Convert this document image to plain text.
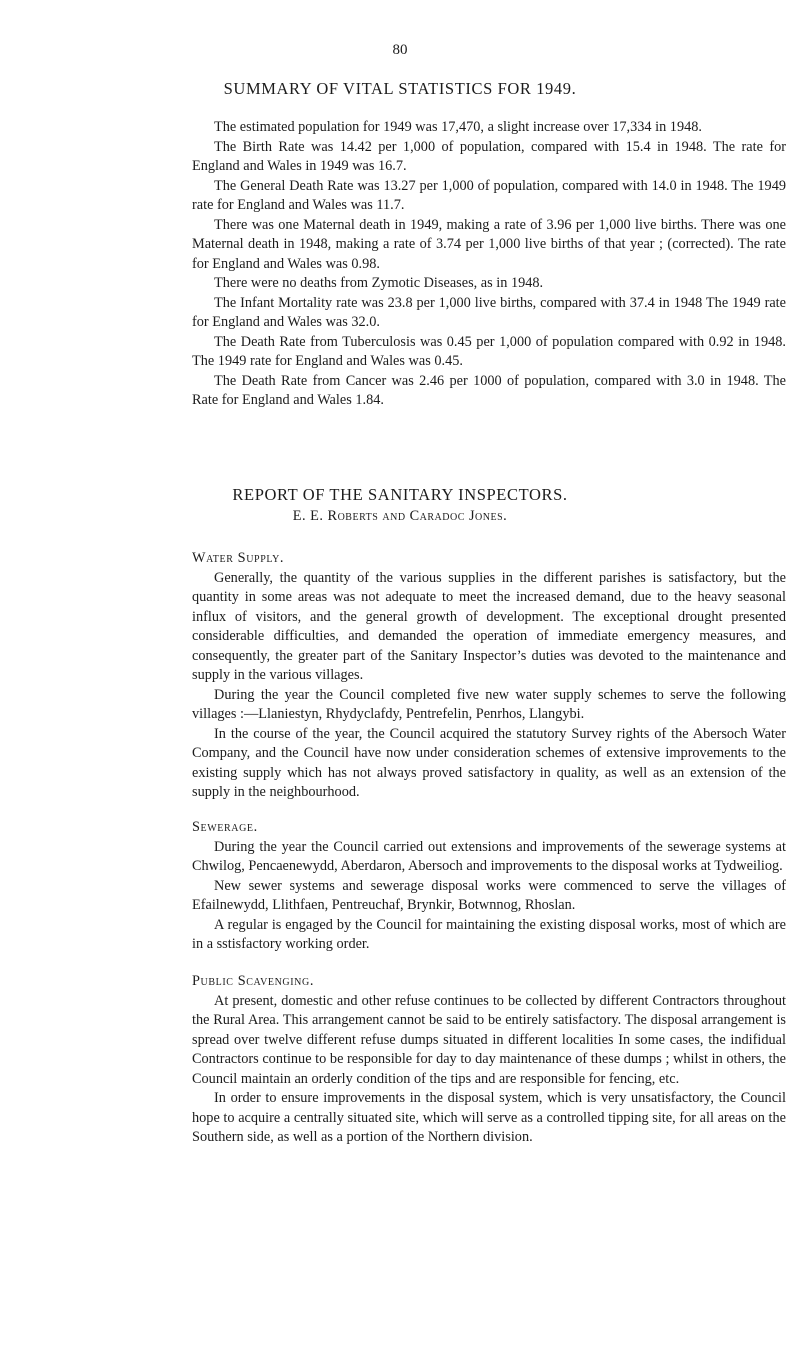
80
SUMMARY OF VITAL STATISTICS FOR 1949.

The estimated population for 1949 was 17,470, a slight increase over 17,334 in 1948.

The Birth Rate was 14.42 per 1,000 of population, compared with 15.4 in 1948. The rate for England and Wales in 1949 was 16.7.

The General Death Rate was 13.27 per 1,000 of population, compared with 14.0 in 1948. The 1949 rate for England and Wales was 11.7.

There was one Maternal death in 1949, making a rate of 3.96 per 1,000 live births. There was one Maternal death in 1948, making a rate of 3.74 per 1,000 live births of that year ; (corrected). The rate for England and Wales was 0.98.

There were no deaths from Zymotic Diseases, as in 1948.

The Infant Mortality rate was 23.8 per 1,000 live births, compared with 37.4 in 1948 The 1949 rate for England and Wales was 32.0.

The Death Rate from Tuberculosis was 0.45 per 1,000 of population compared with 0.92 in 1948. The 1949 rate for England and Wales was 0.45.

The Death Rate from Cancer was 2.46 per 1000 of population, compared with 3.0 in 1948. The Rate for England and Wales 1.84.

REPORT OF THE SANITARY INSPECTORS.
E. E. Roberts and Caradoc Jones.

Water Supply.

Generally, the quantity of the various supplies in the different parishes is satisfactory, but the quantity in some areas was not adequate to meet the increased demand, due to the heavy seasonal influx of visitors, and the general growth of development. The exceptional drought presented considerable difficulties, and demanded the operation of immediate emergency measures, and consequently, the greater part of the Sanitary Inspector’s duties was devoted to the maintenance and supply in the various villages.

During the year the Council completed five new water supply schemes to serve the following villages :—Llaniestyn, Rhydyclafdy, Pentrefelin, Penrhos, Llangybi.

In the course of the year, the Council acquired the statutory Survey rights of the Abersoch Water Company, and the Council have now under consideration schemes of extensive improvements to the existing supply which has not always proved satisfactory in quality, as well as an extension of the supply in the neighbourhood.

Sewerage.

During the year the Council carried out extensions and improvements of the sewerage systems at Chwilog, Pencaenewydd, Aberdaron, Abersoch and improvements to the disposal works at Tydweiliog.

New sewer systems and sewerage disposal works were commenced to serve the villages of Efailnewydd, Llithfaen, Pentreuchaf, Brynkir, Botwnnog, Rhoslan.

A regular is engaged by the Council for maintaining the existing disposal works, most of which are in a sstisfactory working order.

Public Scavenging.

At present, domestic and other refuse continues to be collected by different Contractors throughout the Rural Area. This arrangement cannot be said to be entirely satisfactory. The disposal arrangement is spread over twelve different refuse dumps situated in different localities In some cases, the indifidual Contractors continue to be responsible for day to day maintenance of these dumps ; whilst in others, the Council maintain an orderly condition of the tips and are responsible for fencing, etc.

In order to ensure improvements in the disposal system, which is very unsatisfactory, the Council hope to acquire a centrally situated site, which will serve as a controlled tipping site, for all areas on the Southern side, as well as a portion of the Northern division.
